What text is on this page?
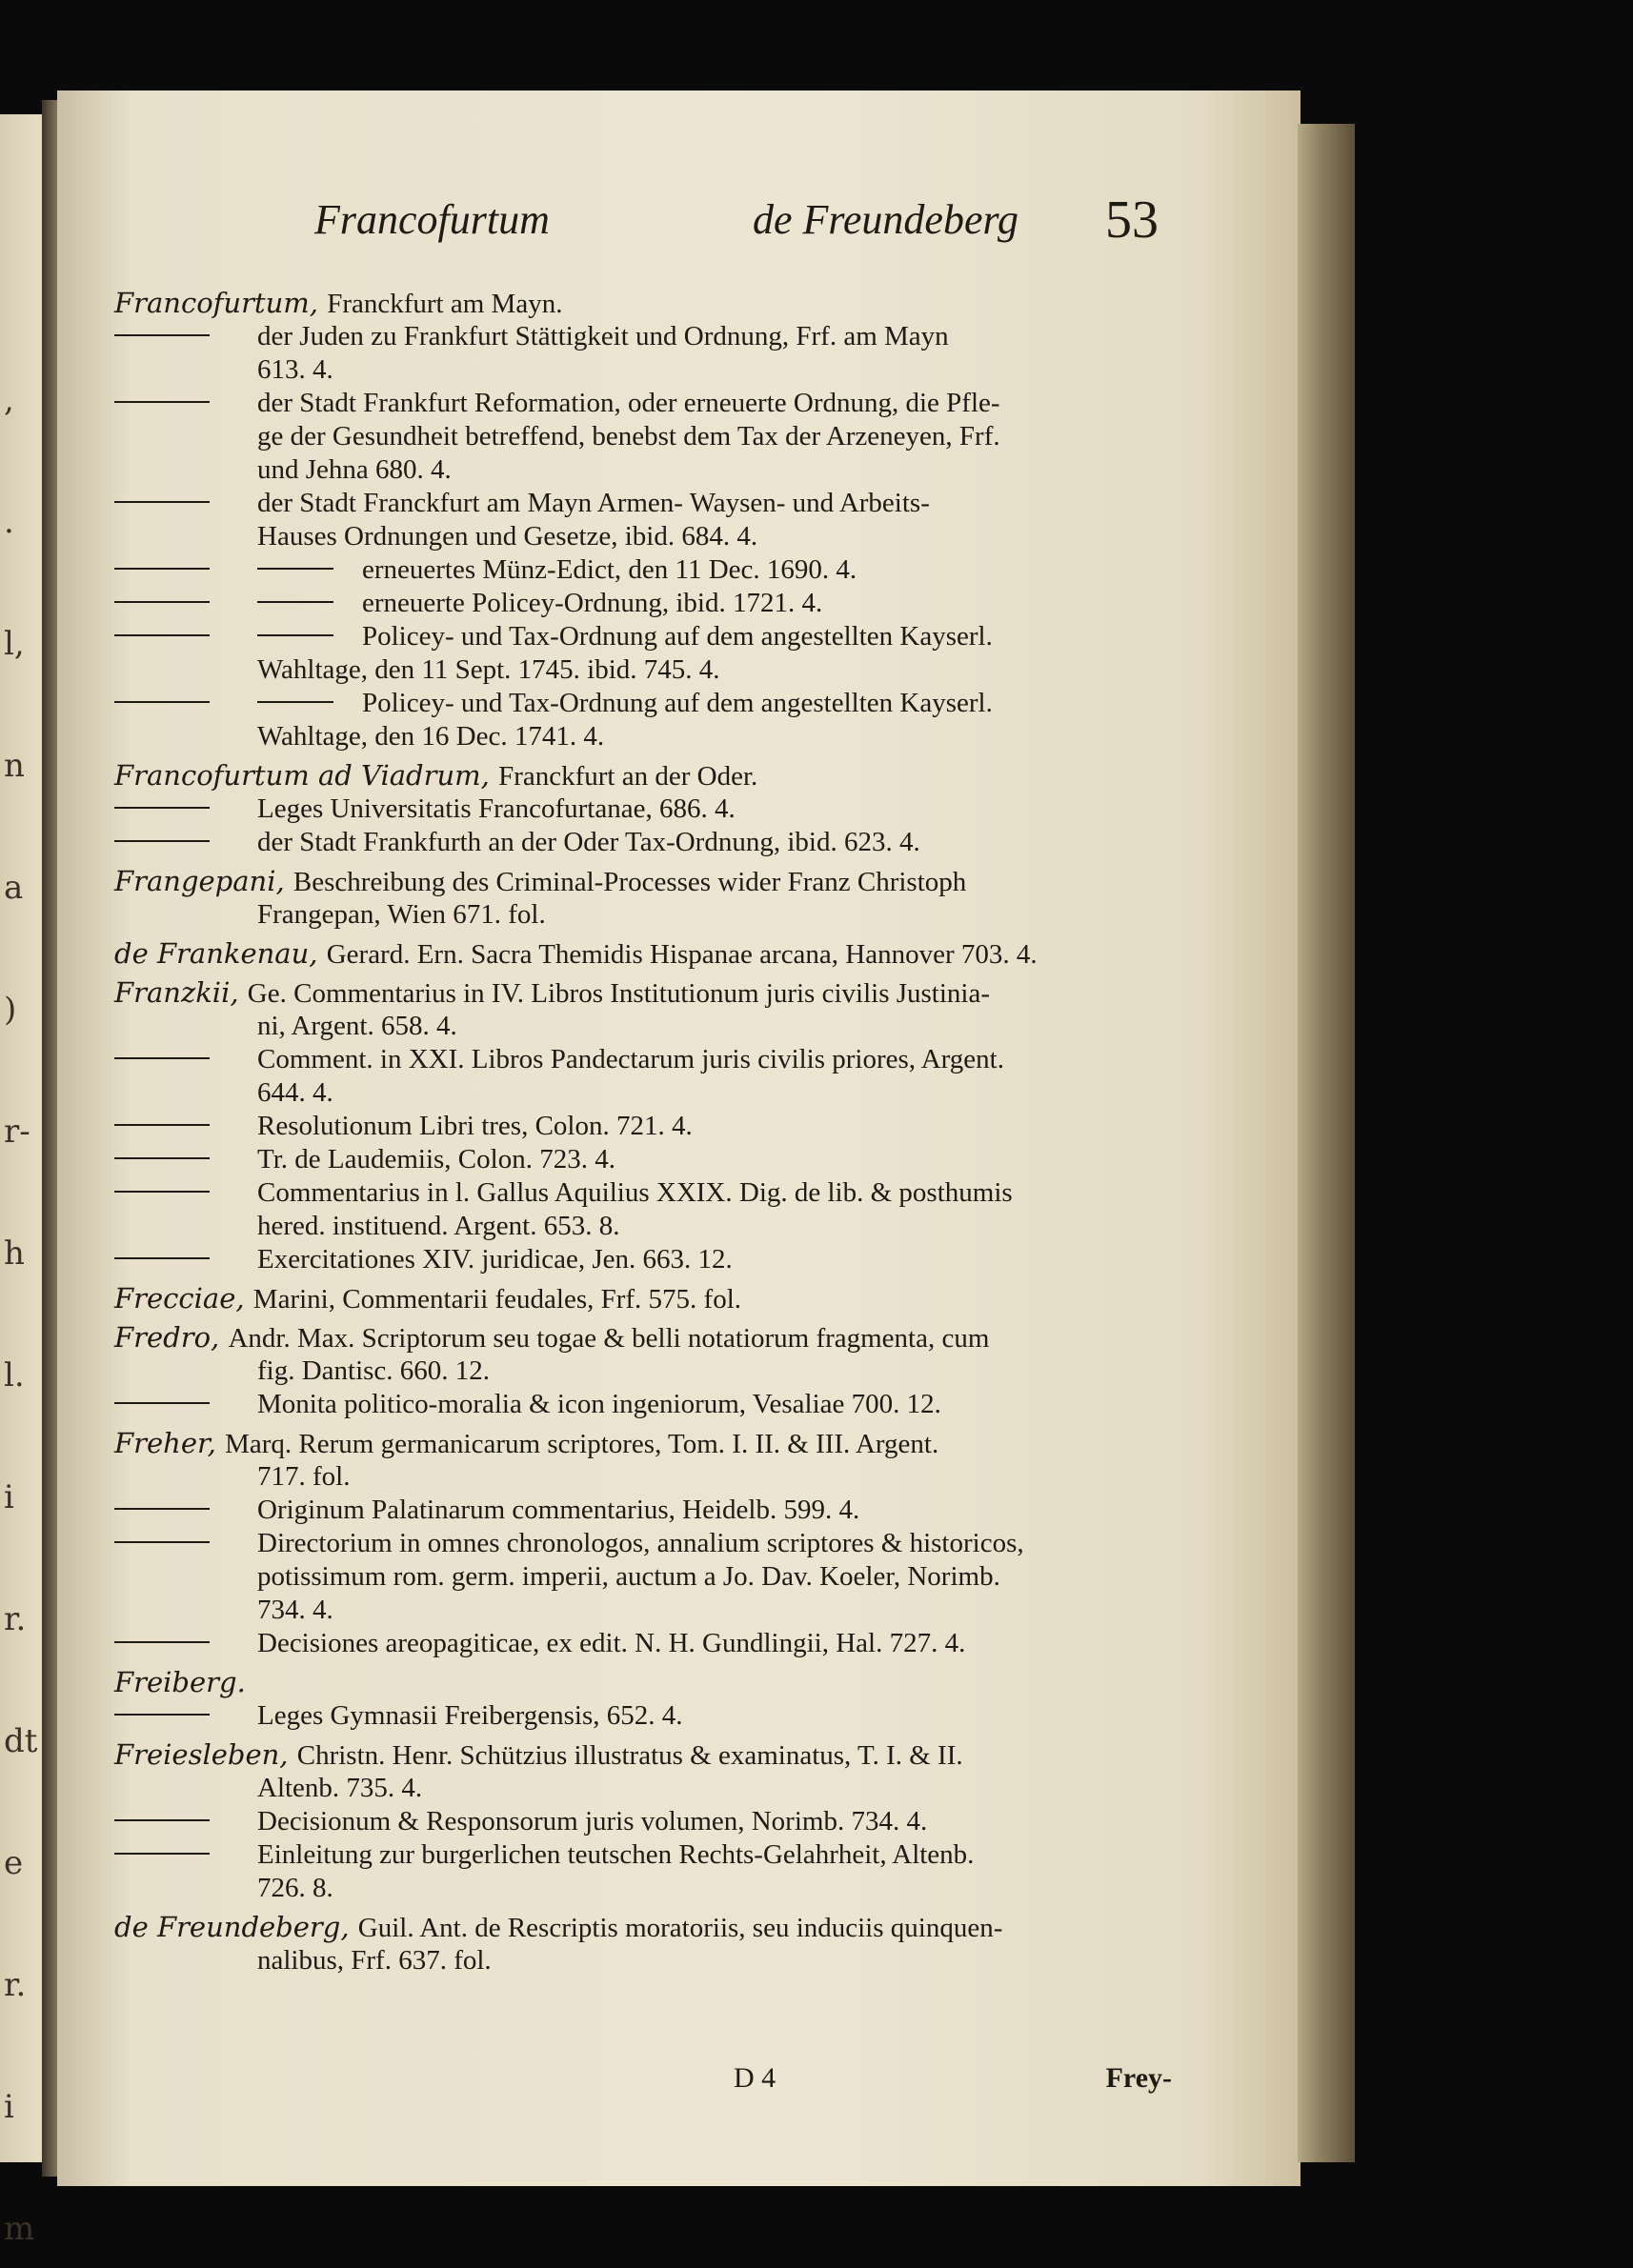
,
.
l,
n
a
)
r-
h
l.
i
r.
dt
e
r.
i
m
Francofurtum	de Freundeberg 53
Francofurtum,
Franckfurt am Mayn.
der Juden zu Frankfurt Stättigkeit und Ordnung, Frf. am Mayn
613. 4.
der Stadt Frankfurt Reformation, oder erneuerte Ordnung, die Pfle-
ge der Gesundheit betreffend, benebst dem Tax der Arzeneyen, Frf.
und Jehna 680. 4.
der Stadt Franckfurt am Mayn Armen- Waysen- und Arbeits-
Hauses Ordnungen und Gesetze, ibid. 684. 4.
erneuertes Münz-Edict, den 11 Dec. 1690. 4.
erneuerte Policey-Ordnung, ibid. 1721. 4.
Policey- und Tax-Ordnung auf dem angestellten Kayserl.
Wahltage, den 11 Sept. 1745. ibid. 745. 4.
Policey- und Tax-Ordnung auf dem angestellten Kayserl.
Wahltage, den 16 Dec. 1741. 4.
Francofurtum ad Viadrum,
Franckfurt an der Oder.
Leges Universitatis Francofurtanae, 686. 4.
der Stadt Frankfurth an der Oder Tax-Ordnung, ibid. 623. 4.
Frangepani,
Beschreibung des Criminal-Processes wider Franz Christoph
Frangepan, Wien 671. fol.
de Frankenau,
Gerard. Ern. Sacra Themidis Hispanae arcana, Hannover 703. 4.
Franzkii,
Ge. Commentarius in IV. Libros Institutionum juris civilis Justinia-
ni, Argent. 658. 4.
Comment. in XXI. Libros Pandectarum juris civilis priores, Argent.
644. 4.
Resolutionum Libri tres, Colon. 721. 4.
Tr. de Laudemiis, Colon. 723. 4.
Commentarius in l. Gallus Aquilius XXIX. Dig. de lib. & posthumis
hered. instituend. Argent. 653. 8.
Exercitationes XIV. juridicae, Jen. 663. 12.
Frecciae,
Marini, Commentarii feudales, Frf. 575. fol.
Fredro,
Andr. Max. Scriptorum seu togae & belli notatiorum fragmenta, cum
fig. Dantisc. 660. 12.
Monita politico-moralia & icon ingeniorum, Vesaliae 700. 12.
Freher,
Marq. Rerum germanicarum scriptores, Tom. I. II. & III. Argent.
717. fol.
Originum Palatinarum commentarius, Heidelb. 599. 4.
Directorium in omnes chronologos, annalium scriptores & historicos,
potissimum rom. germ. imperii, auctum a Jo. Dav. Koeler, Norimb.
734. 4.
Decisiones areopagiticae, ex edit. N. H. Gundlingii, Hal. 727. 4.
Freiberg.

Leges Gymnasii Freibergensis, 652. 4.
Freiesleben,
Christn. Henr. Schützius illustratus & examinatus, T. I. & II.
Altenb. 735. 4.
Decisionum & Responsorum juris volumen, Norimb. 734. 4.
Einleitung zur burgerlichen teutschen Rechts-Gelahrheit, Altenb.
726. 8.
de Freundeberg,
Guil. Ant. de Rescriptis moratoriis, seu induciis quinquen-
nalibus, Frf. 637. fol.
D 4	Frey-
